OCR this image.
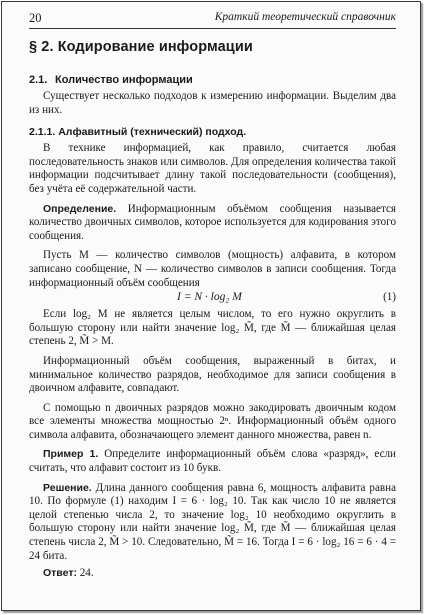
20	Краткий теоретический справочник
§ 2. Кодирование информации
2.1. Количество информации

Существует несколько подходов к измерению информации. Выделим два из них.

2.1.1. Алфавитный (технический) подход.

В технике информацией, как правило, считается любая последовательность знаков или символов. Для определения количества такой информации подсчитывает длину такой последовательности (сообщения), без учёта её содержательной части.

Определение. Информационным объёмом сообщения называется количество двоичных символов, которое используется для кодирования этого сообщения.

Пусть M — количество символов (мощность) алфавита, в котором записано сообщение, N — количество символов в записи сообщения. Тогда информационный объём сообщения

I = N · log₂ M	(1)

Если log₂ M не является целым числом, то его нужно округлить в большую сторону или найти значение log₂ M̃, где M̃ — ближайшая целая степень 2, M̃ > M.

Информационный объём сообщения, выраженный в битах, и минимальное количество разрядов, необходимое для записи сообщения в двоичном алфавите, совпадают.

С помощью n двоичных разрядов можно закодировать двоичным кодом все элементы множества мощностью 2ⁿ. Информационный объём одного символа алфавита, обозначающего элемент данного множества, равен n.

Пример 1. Определите информационный объём слова «разряд», если считать, что алфавит состоит из 10 букв.

Решение. Длина данного сообщения равна 6, мощность алфавита равна 10. По формуле (1) находим I = 6 · log₂ 10. Так как число 10 не является целой степенью числа 2, то значение log₂ 10 необходимо округлить в большую сторону или найти значение log₂ M̃, где M̃ — ближайшая целая степень числа 2, M̃ > 10. Следовательно, M̃ = 16. Тогда I = 6 · log₂ 16 = 6 · 4 = 24 бита.

Ответ: 24.
